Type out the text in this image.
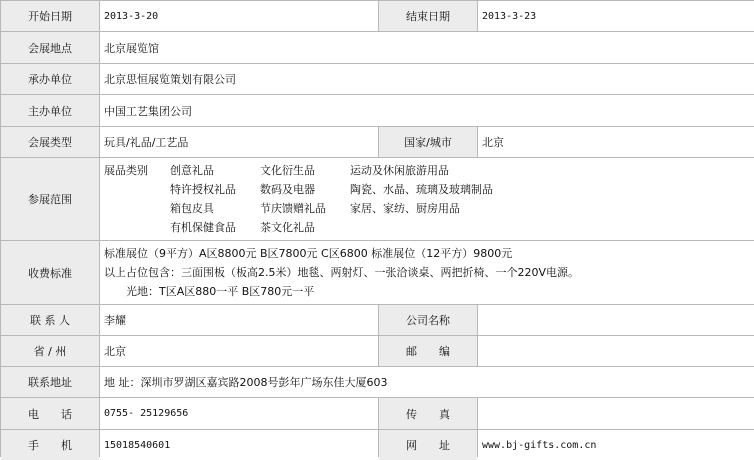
开始日期	2013-3-20	结束日期	2013-3-23
会展地点	北京展览馆
承办单位	北京思恒展览策划有限公司
主办单位	中国工艺集团公司
会展类型	玩具/礼品/工艺品	国家/城市	北京
参展范围
展品类别	创意礼品	文化衍生品	运动及休闲旅游用品
特许授权礼品	数码及电器	陶瓷、水晶、琉璃及玻璃制品
箱包皮具	节庆馈赠礼品	家居、家纺、厨房用品
有机保健食品	茶文化礼品
收费标准
标准展位（9平方）A区8800元 B区7800元 C区6800 标准展位（12平方）9800元
以上占位包含：三面围板（板高2.5米）地毯、两射灯、一张洽谈桌、两把折椅、一个220V电源。
光地：T区A区880一平 B区780元一平
联 系 人	李耀	公司名称
省 / 州	北京	邮　　编
联系地址	地 址：深圳市罗湖区嘉宾路2008号彭年广场东佳大厦603
电　　话	0755- 25129656	传　　真
手　　机	15018540601	网　　址	www.bj-gifts.com.cn
